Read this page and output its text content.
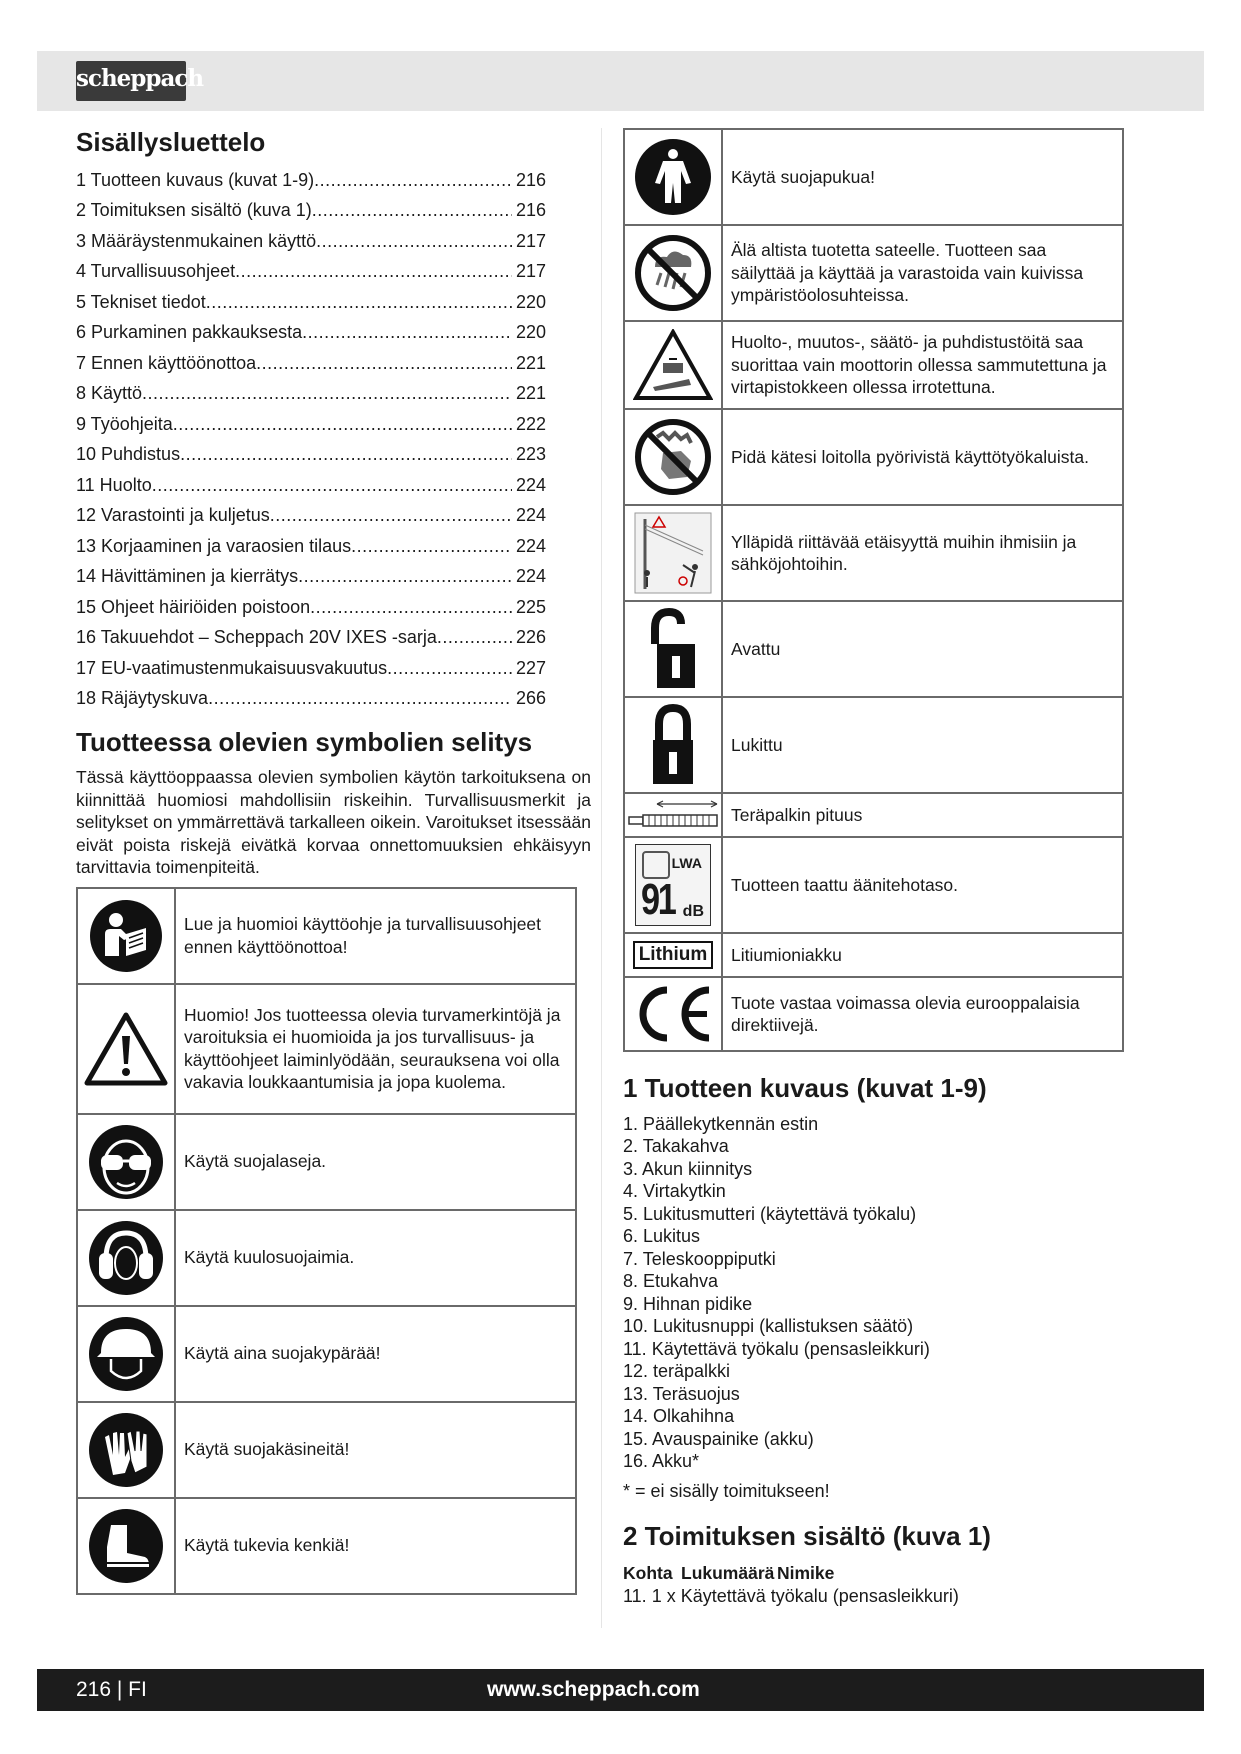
scheppach
Sisällysluettelo
1 Tuotteen kuvaus (kuvat 1-9) .....	216
2 Toimituksen sisältö (kuva 1) .....	216
3 Määräystenmukainen käyttö .....	217
4 Turvallisuusohjeet .....	217
5 Tekniset tiedot .....	220
6 Purkaminen pakkauksesta .....	220
7 Ennen käyttöönottoa .....	221
8 Käyttö .....	221
9 Työohjeita .....	222
10 Puhdistus .....	223
11 Huolto .....	224
12 Varastointi ja kuljetus .....	224
13 Korjaaminen ja varaosien tilaus .....	224
14 Hävittäminen ja kierrätys .....	224
15 Ohjeet häiriöiden poistoon .....	225
16 Takuuehdot – Scheppach 20V IXES -sarja .....	226
17 EU-vaatimustenmukaisuusvakuutus .....	227
18 Räjäytyskuva .....	266
Tuotteessa olevien symbolien selitys

Tässä käyttöoppaassa olevien symbolien käytön tarkoituksena on kiinnittää huomiosi mahdollisiin riskeihin. Turvallisuusmerkit ja selitykset on ymmärrettävä tarkalleen oikein. Varoitukset itsessään eivät poista riskejä eivätkä korvaa onnettomuuksien ehkäisyyn tarvittavia toimenpiteitä.

	Lue ja huomioi käyttöohje ja turvallisuusohjeet ennen käyttöönottoa!

	Huomio! Jos tuotteessa olevia turvamerkintöjä ja varoituksia ei huomioida ja jos turvallisuus- ja käyttöohjeet laiminlyödään, seurauksena voi olla vakavia loukkaantumisia ja jopa kuolema.

	Käytä suojalaseja.

	Käytä kuulosuojaimia.

	Käytä aina suojakypärää!

	Käytä suojakäsineitä!

	Käytä tukevia kenkiä!
	Käytä suojapukua!

	Älä altista tuotetta sateelle. Tuotteen saa säilyttää ja käyttää ja varastoida vain kuivissa ympäristöolosuhteissa.

	Huolto-, muutos-, säätö- ja puhdistustöitä saa suorittaa vain moottorin ollessa sammutettuna ja virtapistokkeen ollessa irrotettuna.

	Pidä kätesi loitolla pyörivistä käyttötyökaluista.

	Ylläpidä riittävää etäisyyttä muihin ihmisiin ja sähköjohtoihin.

	Avattu

	Lukittu

	Teräpalkin pituus

LWA
91 dB	Tuotteen taattu äänitehotaso.
Lithium	Litiumioniakku

	Tuote vastaa voimassa olevia eurooppalaisia direktiivejä.
1 Tuotteen kuvaus (kuvat 1-9)
1. Päällekytkennän estin
2. Takakahva
3. Akun kiinnitys
4. Virtakytkin
5. Lukitusmutteri (käytettävä työkalu)
6. Lukitus
7. Teleskooppiputki
8. Etukahva
9. Hihnan pidike
10. Lukitusnuppi (kallistuksen säätö)
11. Käytettävä työkalu (pensasleikkuri)
12. teräpalkki
13. Teräsuojus
14. Olkahihna
15. Avauspainike (akku)
16. Akku*
* = ei sisälly toimitukseen!
2 Toimituksen sisältö (kuva 1)
Kohta Lukumäärä Nimike
11. 1 x Käytettävä työkalu (pensasleikkuri)
216 | FI	www.scheppach.com
